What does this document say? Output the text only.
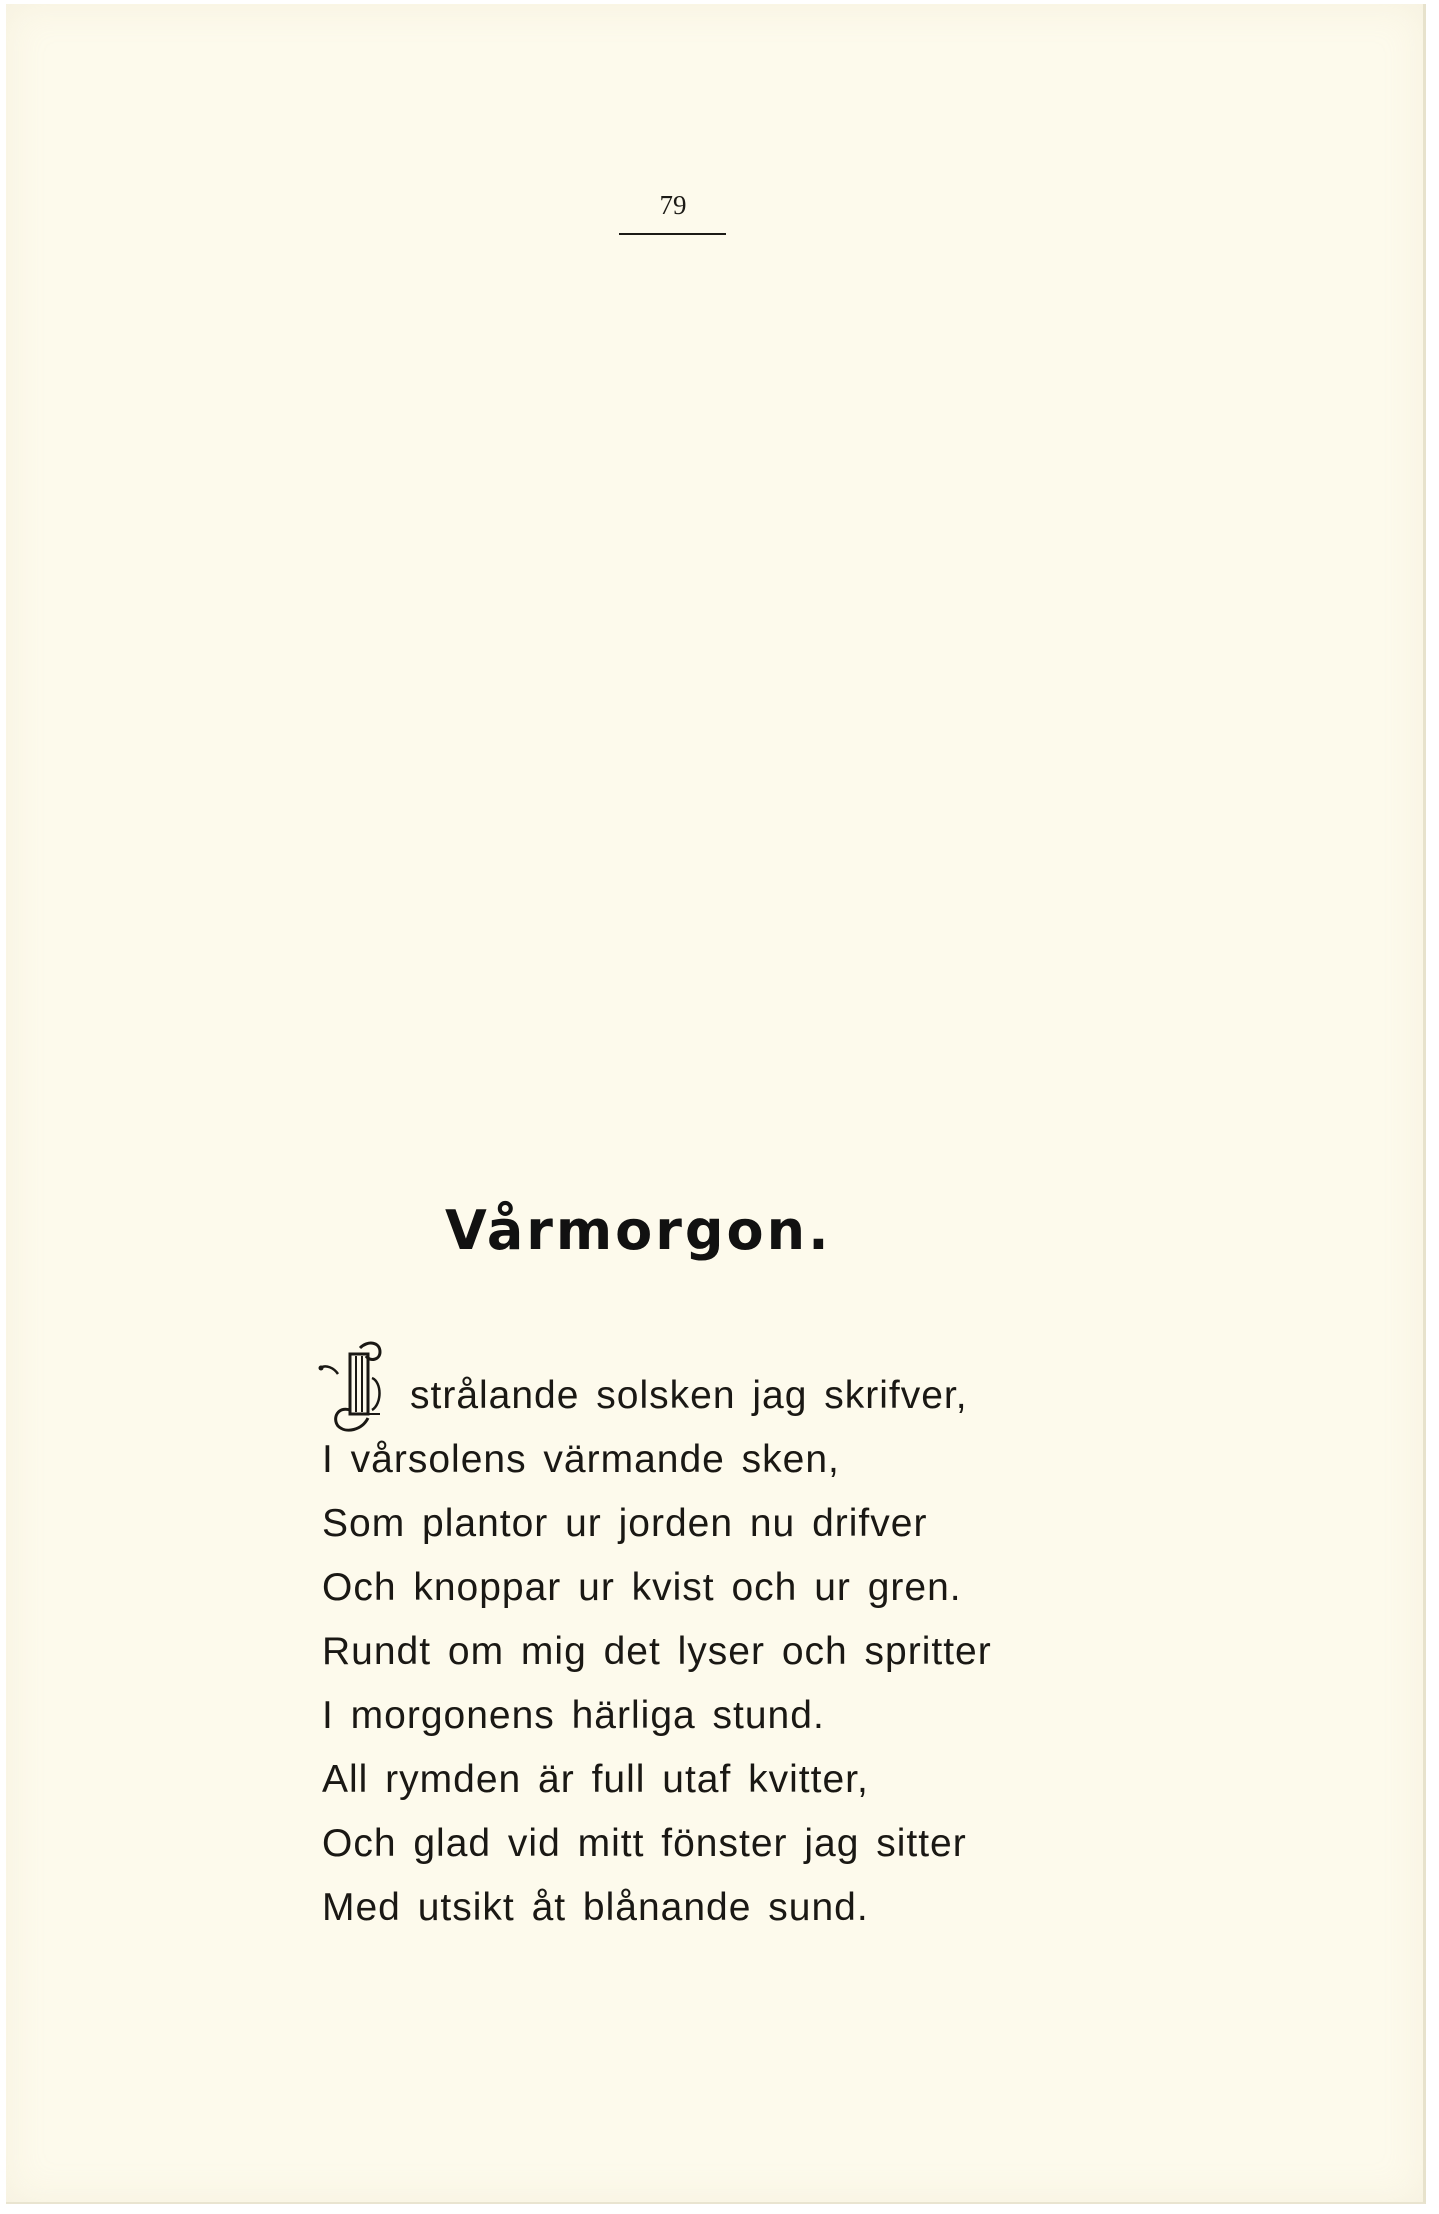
79
Vårmorgon.
strålande solsken jag skrifver,
I vårsolens värmande sken,
Som plantor ur jorden nu drifver
Och knoppar ur kvist och ur gren.
Rundt om mig det lyser och spritter
I morgonens härliga stund.
All rymden är full utaf kvitter,
Och glad vid mitt fönster jag sitter
Med utsikt åt blånande sund.
